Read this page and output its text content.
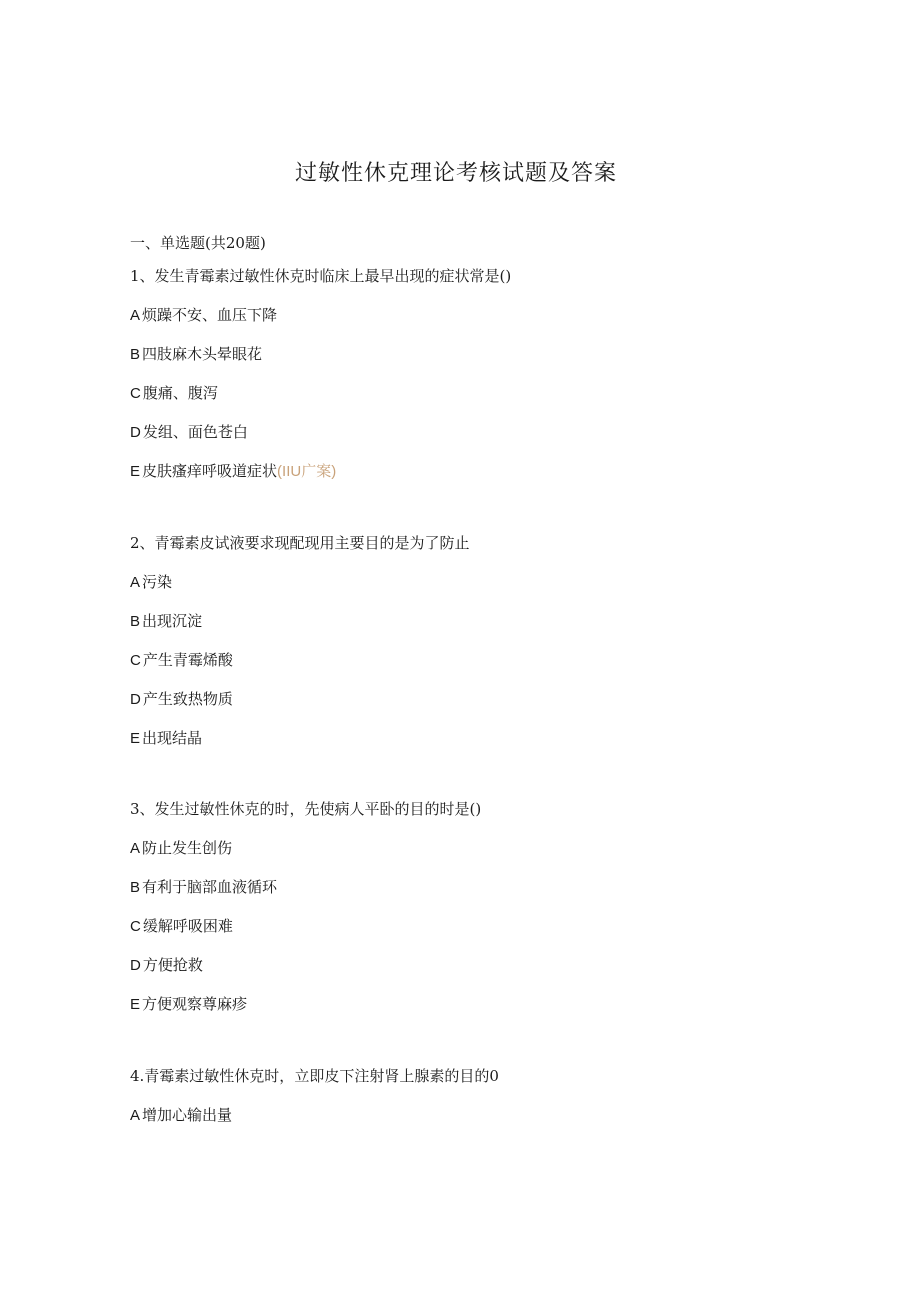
过敏性休克理论考核试题及答案
一、单选题(共20题)
1、发生青霉素过敏性休克时临床上最早出现的症状常是()
A 烦躁不安、血压下降
B 四肢麻木头晕眼花
C 腹痛、腹泻
D 发组、面色苍白
E 皮肤瘙痒呼吸道症状(IIU广案)
2、青霉素皮试液要求现配现用主要目的是为了防止
A 污染
B 出现沉淀
C 产生青霉烯酸
D 产生致热物质
E 出现结晶
3、发生过敏性休克的时，先使病人平卧的目的时是()
A 防止发生创伤
B 有利于脑部血液循环
C 缓解呼吸困难
D 方便抢救
E 方便观察尊麻疹
4.青霉素过敏性休克时，立即皮下注射肾上腺素的目的0
A 增加心输出量
